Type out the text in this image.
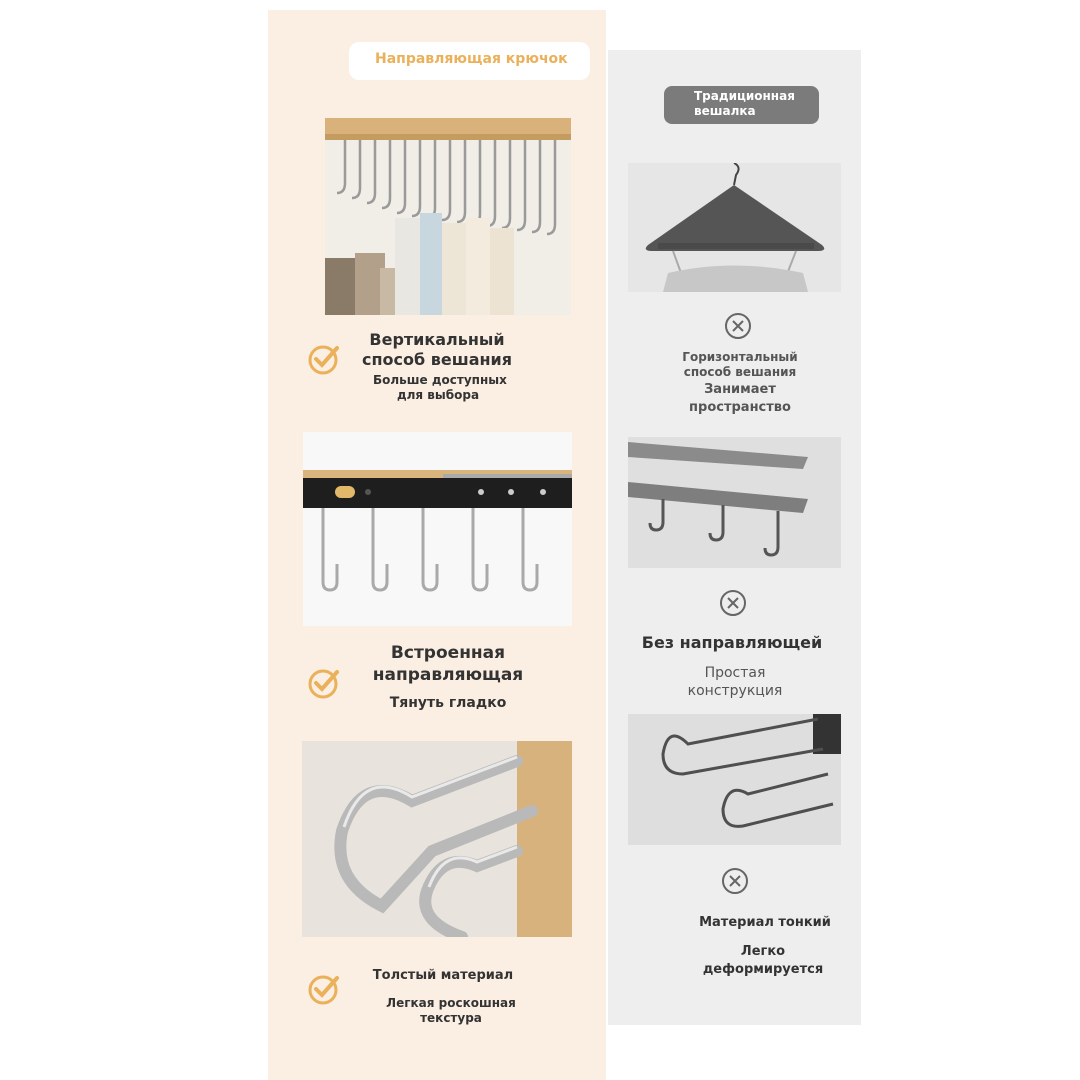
Направляющая крючок
Традиционная
вешалка
Вертикальный
способ вешания
Больше доступных
для выбора
Встроенная
направляющая
Тянуть гладко
Толстый материал
Легкая роскошная
текстура
Горизонтальный
способ вешания
Занимает
пространство
Без направляющей
Простая
конструкция
Материал тонкий
Легко
деформируется
